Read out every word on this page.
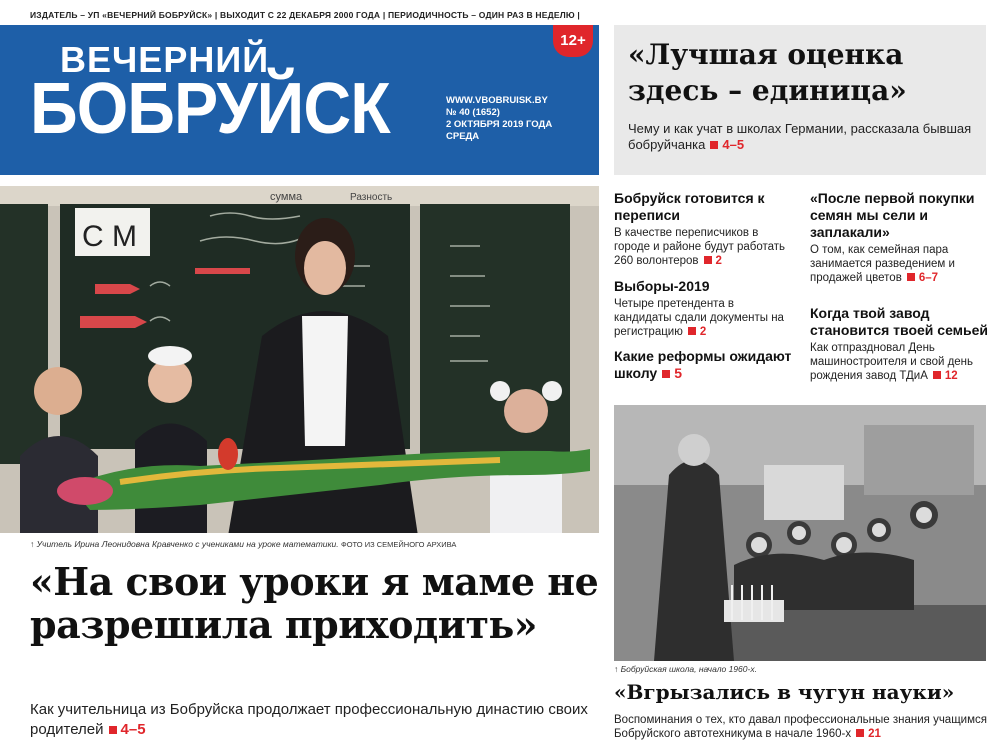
ИЗДАТЕЛЬ – УП «ВЕЧЕРНИЙ БОБРУЙСК» | ВЫХОДИТ С 22 ДЕКАБРЯ 2000 ГОДА | ПЕРИОДИЧНОСТЬ – ОДИН РАЗ В НЕДЕЛЮ |
ВЕЧЕРНИЙ
БОБРУЙСК	WWW.VBOBRUISK.BY
№ 40 (1652)
2 ОКТЯБРЯ 2019 ГОДА
СРЕДА
12+ «Лучшая оценка здесь – единица»
Чему и как учат в школах Германии, рассказала бывшая бобруйчанка 4–5
С М
сумма	Разность
↑ Учитель Ирина Леонидовна Кравченко с учениками на уроке математики. ФОТО ИЗ СЕМЕЙНОГО АРХИВА
«На свои уроки я маме не разрешила приходить»
Как учительница из Бобруйска продолжает профессиональную династию своих родителей 4–5
Бобруйск готовится к переписи
В качестве переписчиков в городе и районе будут работать 260 волонтеров 2
«После первой покупки семян мы сели и заплакали»
О том, как семейная пара занимается разведением и продажей цветов 6–7
Выборы-2019
Четыре претендента в кандидаты сдали документы на регистрацию 2
Когда твой завод становится твоей семьей
Как отпраздновал День машиностроителя и свой день рождения завод ТДиА 12
Какие реформы ожидают школу 5
↑ Бобруйская школа, начало 1960-х.
«Вгрызались в чугун науки»
Воспоминания о тех, кто давал профессиональные знания учащимся Бобруйского автотехникума в начале 1960-х 21
